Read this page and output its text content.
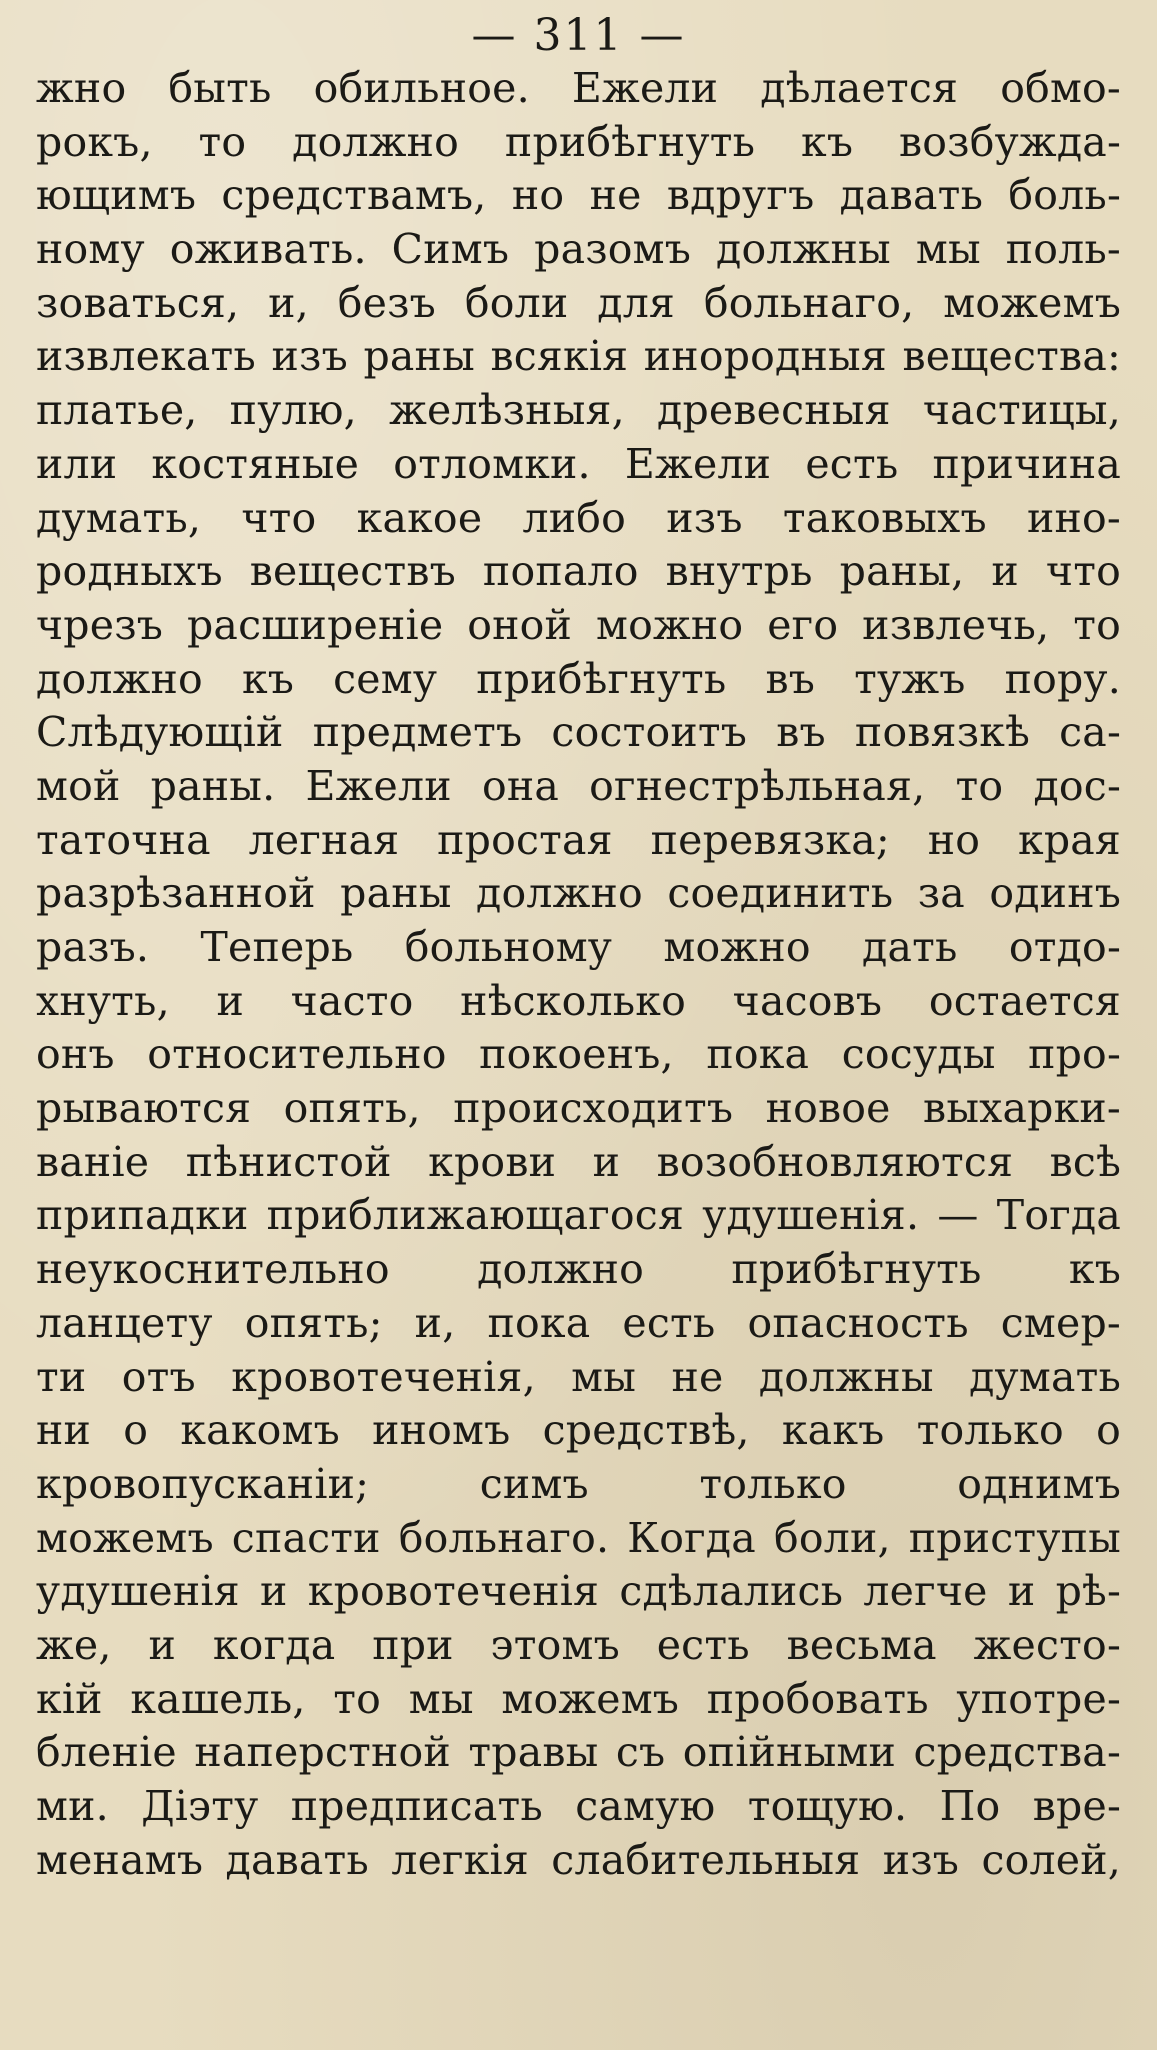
— 311 —
жно быть обильное. Ежели дѣлается обмо-
рокъ, то должно прибѣгнуть къ возбужда-
ющимъ средствамъ, но не вдругъ давать боль-
ному оживать. Симъ разомъ должны мы поль-
зоваться, и, безъ боли для больнаго, можемъ
извлекать изъ раны всякія инородныя вещества:
платье, пулю, желѣзныя, древесныя частицы,
или костяные отломки. Ежели есть причина
думать, что какое либо изъ таковыхъ ино-
родныхъ веществъ попало внутрь раны, и что
чрезъ расширеніе оной можно его извлечь, то
должно къ сему прибѣгнуть въ тужъ пору.
Слѣдующій предметъ состоитъ въ повязкѣ са-
мой раны. Ежели она огнестрѣльная, то дос-
таточна легная простая перевязка; но края
разрѣзанной раны должно соединить за одинъ
разъ. Теперь больному можно дать отдо-
хнуть, и часто нѣсколько часовъ остается
онъ относительно покоенъ, пока сосуды про-
рываются опять, происходитъ новое выхарки-
ваніе пѣнистой крови и возобновляются всѣ
припадки приближающагося удушенія. — Тогда
неукоснительно должно прибѣгнуть къ
ланцету опять; и, пока есть опасность смер-
ти отъ кровотеченія, мы не должны думать
ни о какомъ иномъ средствѣ, какъ только о
кровопусканіи; симъ только однимъ
можемъ спасти больнаго. Когда боли, приступы
удушенія и кровотеченія сдѣлались легче и рѣ-
же, и когда при этомъ есть весьма жесто-
кій кашель, то мы можемъ пробовать употре-
бленіе наперстной травы съ опійными средства-
ми. Діэту предписать самую тощую. По вре-
менамъ давать легкія слабительныя изъ солей,
